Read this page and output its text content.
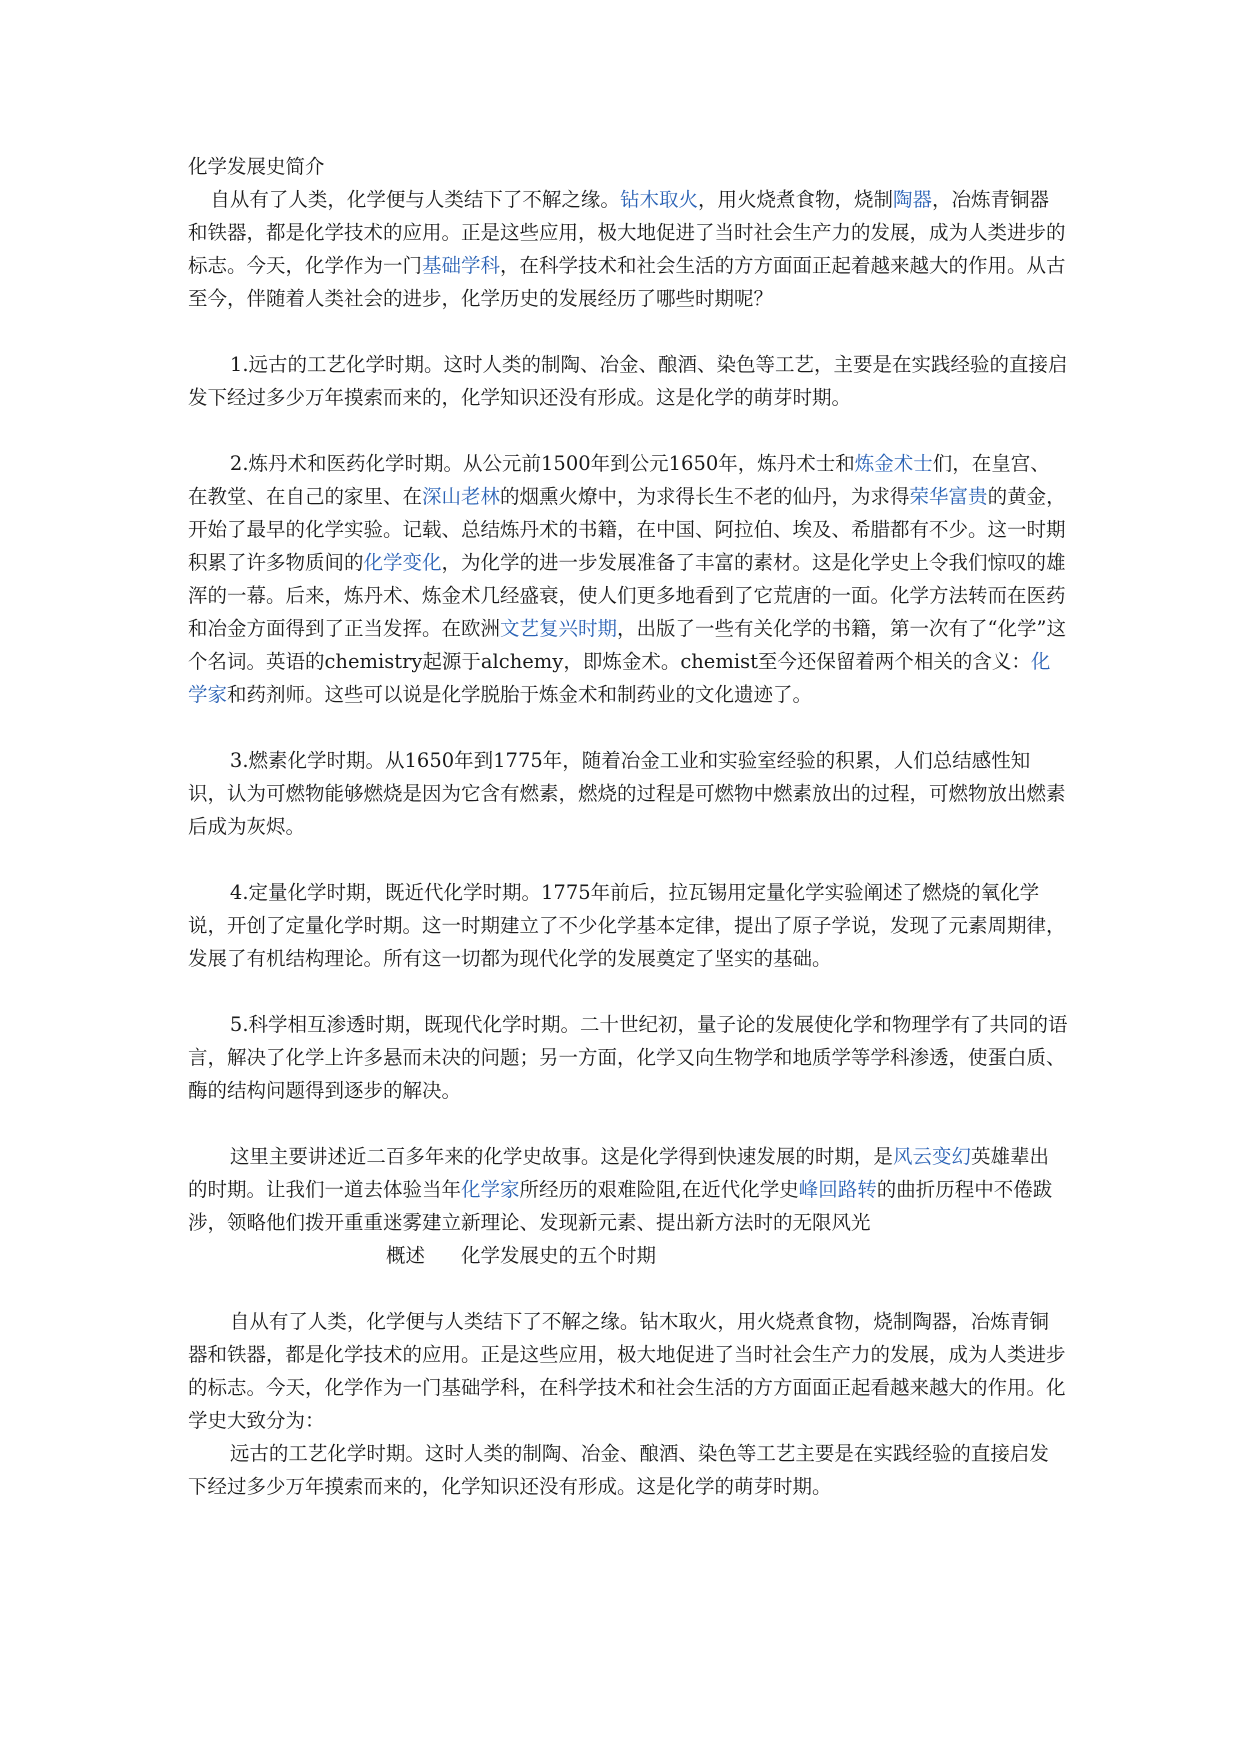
化学发展史简介

自从有了人类，化学便与人类结下了不解之缘。钻木取火，用火烧煮食物，烧制陶器，冶炼青铜器和铁器，都是化学技术的应用。正是这些应用，极大地促进了当时社会生产力的发展，成为人类进步的标志。今天，化学作为一门基础学科，在科学技术和社会生活的方方面面正起着越来越大的作用。从古至今，伴随着人类社会的进步，化学历史的发展经历了哪些时期呢？

1.远古的工艺化学时期。这时人类的制陶、冶金、酿酒、染色等工艺，主要是在实践经验的直接启发下经过多少万年摸索而来的，化学知识还没有形成。这是化学的萌芽时期。

2.炼丹术和医药化学时期。从公元前1500年到公元1650年，炼丹术士和炼金术士们，在皇宫、在教堂、在自己的家里、在深山老林的烟熏火燎中，为求得长生不老的仙丹，为求得荣华富贵的黄金，开始了最早的化学实验。记载、总结炼丹术的书籍，在中国、阿拉伯、埃及、希腊都有不少。这一时期积累了许多物质间的化学变化，为化学的进一步发展准备了丰富的素材。这是化学史上令我们惊叹的雄浑的一幕。后来，炼丹术、炼金术几经盛衰，使人们更多地看到了它荒唐的一面。化学方法转而在医药和冶金方面得到了正当发挥。在欧洲文艺复兴时期，出版了一些有关化学的书籍，第一次有了“化学”这个名词。英语的chemistry起源于alchemy，即炼金术。chemist至今还保留着两个相关的含义：化学家和药剂师。这些可以说是化学脱胎于炼金术和制药业的文化遗迹了。

3.燃素化学时期。从1650年到1775年，随着冶金工业和实验室经验的积累，人们总结感性知识，认为可燃物能够燃烧是因为它含有燃素，燃烧的过程是可燃物中燃素放出的过程，可燃物放出燃素后成为灰烬。

4.定量化学时期，既近代化学时期。1775年前后，拉瓦锡用定量化学实验阐述了燃烧的氧化学说，开创了定量化学时期。这一时期建立了不少化学基本定律，提出了原子学说，发现了元素周期律，发展了有机结构理论。所有这一切都为现代化学的发展奠定了坚实的基础。

5.科学相互渗透时期，既现代化学时期。二十世纪初，量子论的发展使化学和物理学有了共同的语言，解决了化学上许多悬而未决的问题；另一方面，化学又向生物学和地质学等学科渗透，使蛋白质、酶的结构问题得到逐步的解决。

这里主要讲述近二百多年来的化学史故事。这是化学得到快速发展的时期，是风云变幻英雄辈出的时期。让我们一道去体验当年化学家所经历的艰难险阻,在近代化学史峰回路转的曲折历程中不倦跋涉，领略他们拨开重重迷雾建立新理论、发现新元素、提出新方法时的无限风光

概述 化学发展史的五个时期

自从有了人类，化学便与人类结下了不解之缘。钻木取火，用火烧煮食物，烧制陶器，冶炼青铜器和铁器，都是化学技术的应用。正是这些应用，极大地促进了当时社会生产力的发展，成为人类进步的标志。今天，化学作为一门基础学科，在科学技术和社会生活的方方面面正起看越来越大的作用。化学史大致分为：

远古的工艺化学时期。这时人类的制陶、冶金、酿酒、染色等工艺主要是在实践经验的直接启发下经过多少万年摸索而来的，化学知识还没有形成。这是化学的萌芽时期。
